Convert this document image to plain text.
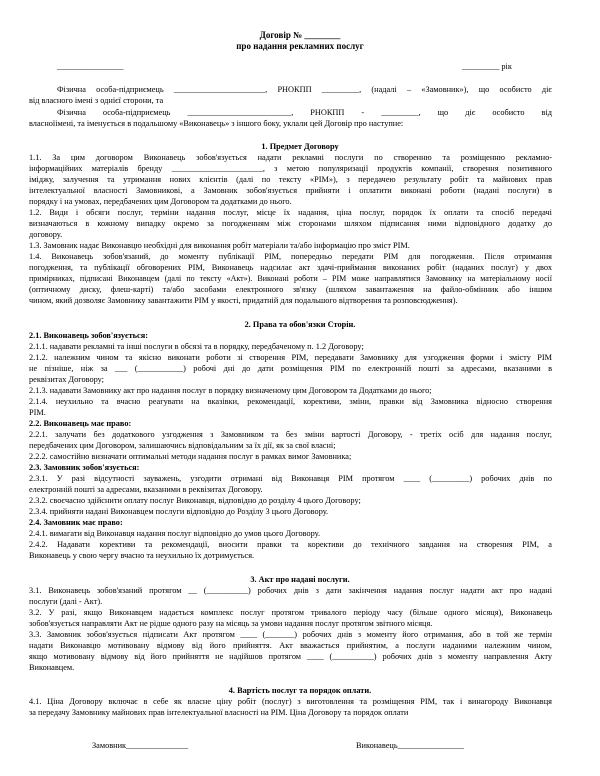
Договір № ________
про надання рекламних послуг
________________	_________ рік
Фізична особа-підприємець ______________________, РНОКПП _________, (надалі – «Замовник»), що особисто діє
від власного імені з однієї сторони, та
Фізична особа-підприємець _________________________, РНОКПП - _________, що діє особисто від
власноїімені, та іменується в подальшому «Виконавець» з іншого боку, уклали цей Договір про наступне:
1. Предмет Договору
1.1. За цим договором Виконавець зобов'язується надати рекламні послуги по створенню та розміщенню рекламно-
інформаційних матеріалів бренду ______________________, з метою популяризації продуктів компанії, створення позитивного
іміджу, залучення та утримання нових клієнтів (далі по тексту «РІМ»), з передачею результату робіт та майнових прав
інтелектуальної власності Замовникові, а Замовник зобов'язується прийняти і оплатити виконані роботи (надані послуги) в
порядку і на умовах, передбачених цим Договором та додатками до нього.
1.2. Види і обсяги послуг, терміни надання послуг, місце їх надання, ціна послуг, порядок їх оплати та спосіб передачі
визначаються в кожному випадку окремо за погодженням між сторонами шляхом підписання ними відповідного додатку до
договору.
1.3. Замовник надає Виконавцю необхідні для виконання робіт матеріали та/або інформацію про зміст РІМ.
1.4. Виконавець зобов'язаний, до моменту публікації РІМ, попередньо передати РІМ для погодження. Після отримання
погодження, та публікації обговорених РІМ, Виконавець надсилає акт здачі-приймання виконаних робіт (наданих послуг) у двох
примірниках, підписані Виконавцем (далі по тексту «Акт»). Виконані роботи – РІМ може направлятися Замовнику на матеріальному носії
(оптичному диску, флеш-карті) та/або засобами електронного зв'язку (шляхом завантаження на файло-обмінник або іншим
чином, який дозволяє Замовнику завантажити РІМ у якості, придатній для подальшого відтворення та розповсюдження).
2. Права та обов'язки Сторін.
2.1. Виконавець зобов'язується:
2.1.1. надавати рекламні та інші послуги в обсязі та в порядку, передбаченому п. 1.2 Договору;
2.1.2. належним чином та якісно виконати роботи зі створення РІМ, передавати Замовнику для узгодження форми і змісту РІМ
не пізніше, ніж за ___ (___________) робочі дні до дати розміщення РІМ по електронній пошті за адресами, вказаними в
реквізитах Договору;
2.1.3. надавати Замовнику акт про надання послуг в порядку визначеному цим Договором та Додатками до нього;
2.1.4. неухильно та вчасно реагувати на вказівки, рекомендації, корективи, зміни, правки від Замовника відносно створення
РІМ.
2.2. Виконавець має право:
2.2.1. залучати без додаткового узгодження з Замовником та без зміни вартості Договору, - третіх осіб для надання послуг,
передбачених цим Договором, залишаючись відповідальним за їх дії, як за свої власні;
2.2.2. самостійно визначати оптимальні методи надання послуг в рамках вимог Замовника;
2.3. Замовник зобов'язується:
2.3.1. У разі відсутності зауважень, узгодити отримані від Виконавця РІМ протягом ____ (_________) робочих днів по
електронній пошті за адресами, вказаними в реквізитах Договору.
2.3.2. своєчасно здійснити оплату послуг Виконавця, відповідно до розділу 4 цього Договору;
2.3.4. прийняти надані Виконавцем послуги відповідно до Розділу 3 цього Договору.
2.4. Замовник має право:
2.4.1. вимагати від Виконавця надання послуг відповідно до умов цього Договору.
2.4.2. Надавати корективи та рекомендації, вносити правки та корективи до технічного завдання на створення РІМ, а
Виконавець у свою чергу вчасно та неухильно їх дотримується.
3. Акт про надані послуги.
3.1. Виконавець зобов'язаний протягом __ (__________) робочих днів з дати закінчення надання послуг надати акт про надані
послуги (далі - Акт).
3.2. У разі, якщо Виконавцем надається комплекс послуг протягом тривалого періоду часу (більше одного місяця), Виконавець
зобов'язується направляти Акт не рідше одного разу на місяць за умови надання послуг протягом звітного місяця.
3.3. Замовник зобов'язується підписати Акт протягом ____ (_______) робочих днів з моменту його отримання, або в той же термін
надати Виконавцю мотивовану відмову від його прийняття. Акт вважається прийнятим, а послуги наданими належним чином,
якщо мотивовану відмову від його прийняття не надійшов протягом ____ (__________) робочих днів з моменту направлення Акту
Виконавцем.
4. Вартість послуг та порядок оплати.
4.1. Ціна Договору включає в себе як власне ціну робіт (послуг) з виготовлення та розміщення РІМ, так і винагороду Виконавця
за передачу Замовнику майнових прав інтелектуальної власності на РІМ. Ціна Договору та порядок оплати
Замовник_______________	Виконавець________________
